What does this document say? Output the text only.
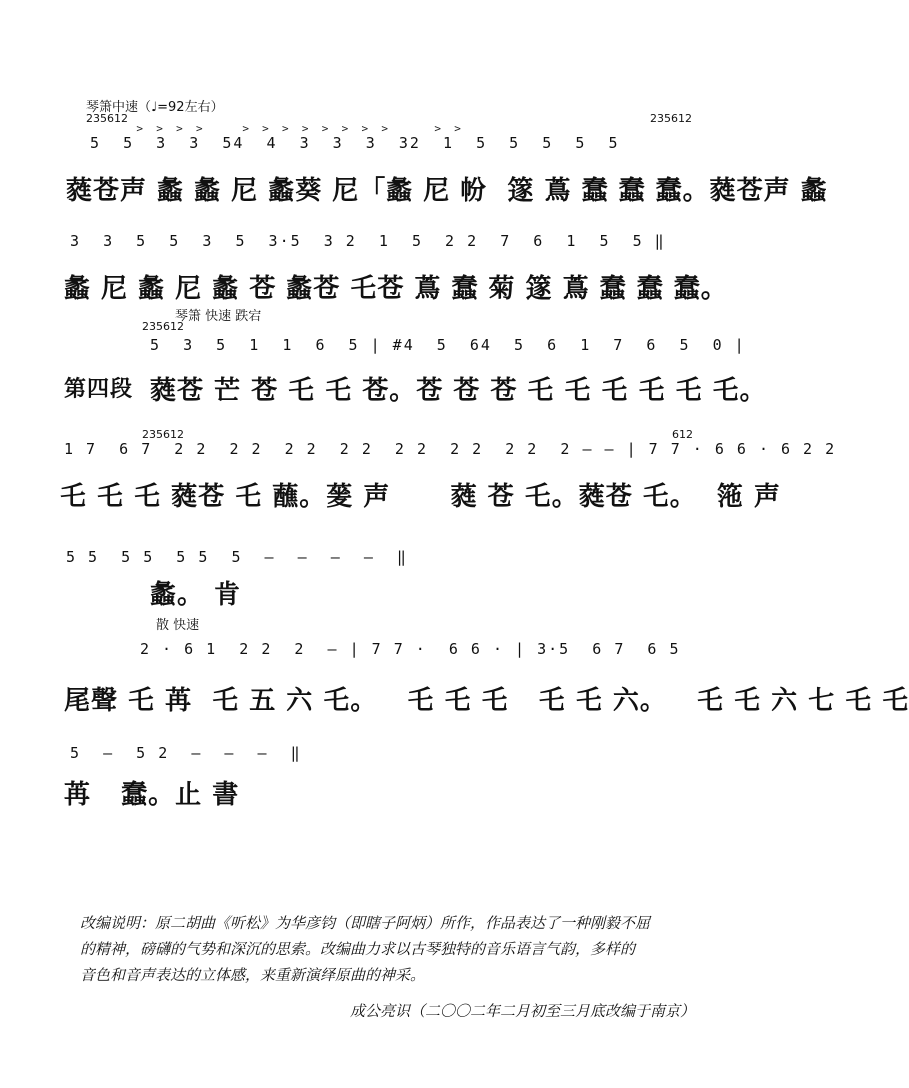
琴箫中速（♩=92左右）
235612
>  >  >  >      >  >  >  >  >  >  >  >       >  >
5  5  3  3  54  4  3  3  3  32  1  5  5  5  5  5
235612
蕤苍声 蠡 蠡 尼 蠡葵 尼「蠡 尼 帉  篴 蔦 蠢 蠢 蠢。蕤苍声 蠡
3  3  5  5  3  5  3·5  3 2  1  5  2 2  7  6  1  5  5 ‖
蠡 尼 蠡 尼 蠡 苍 蠡苍 乇苍 蔦 蠢 菊 篴 蔦 蠢 蠢 蠢。
琴箫 快速 跌宕
235612
5  3  5  1  1  6  5 | #4  5  64  5  6  1  7  6  5  0 |
第四段 蕤苍 芒 苍 乇 乇 苍。苍 苍 苍 乇 乇 乇 乇 乇 乇。
235612	612
1 7  6 7  2 2  2 2  2 2  2 2  2 2  2 2  2 2  2 — — | 7 7 · 6 6 · 6 2 2
乇 乇 乇 蕤苍 乇 蘸。蓌 声      蕤 苍 乇。蕤苍 乇。  筂 声
5 5  5 5  5 5  5  —  —  —  —  ‖
蠡。 肯
散 快速
2 · 6 1  2 2  2  — | 7 7 ·  6 6 · | 3·5  6 7  6 5
尾聲 乇 苒  乇 五 六 乇。   乇 乇 乇   乇 乇 六。   乇 乇 六 七 乇 乇
5  —  5 2  —  —  —  ‖
苒   蠢。止 書
改编说明：原二胡曲《听松》为华彦钧（即瞎子阿炳）所作，作品表达了一种刚毅不屈
的精神，磅礴的气势和深沉的思索。改编曲力求以古琴独特的音乐语言气韵，多样的
音色和音声表达的立体感，来重新演绎原曲的神采。
成公亮识（二〇〇二年二月初至三月底改编于南京）
